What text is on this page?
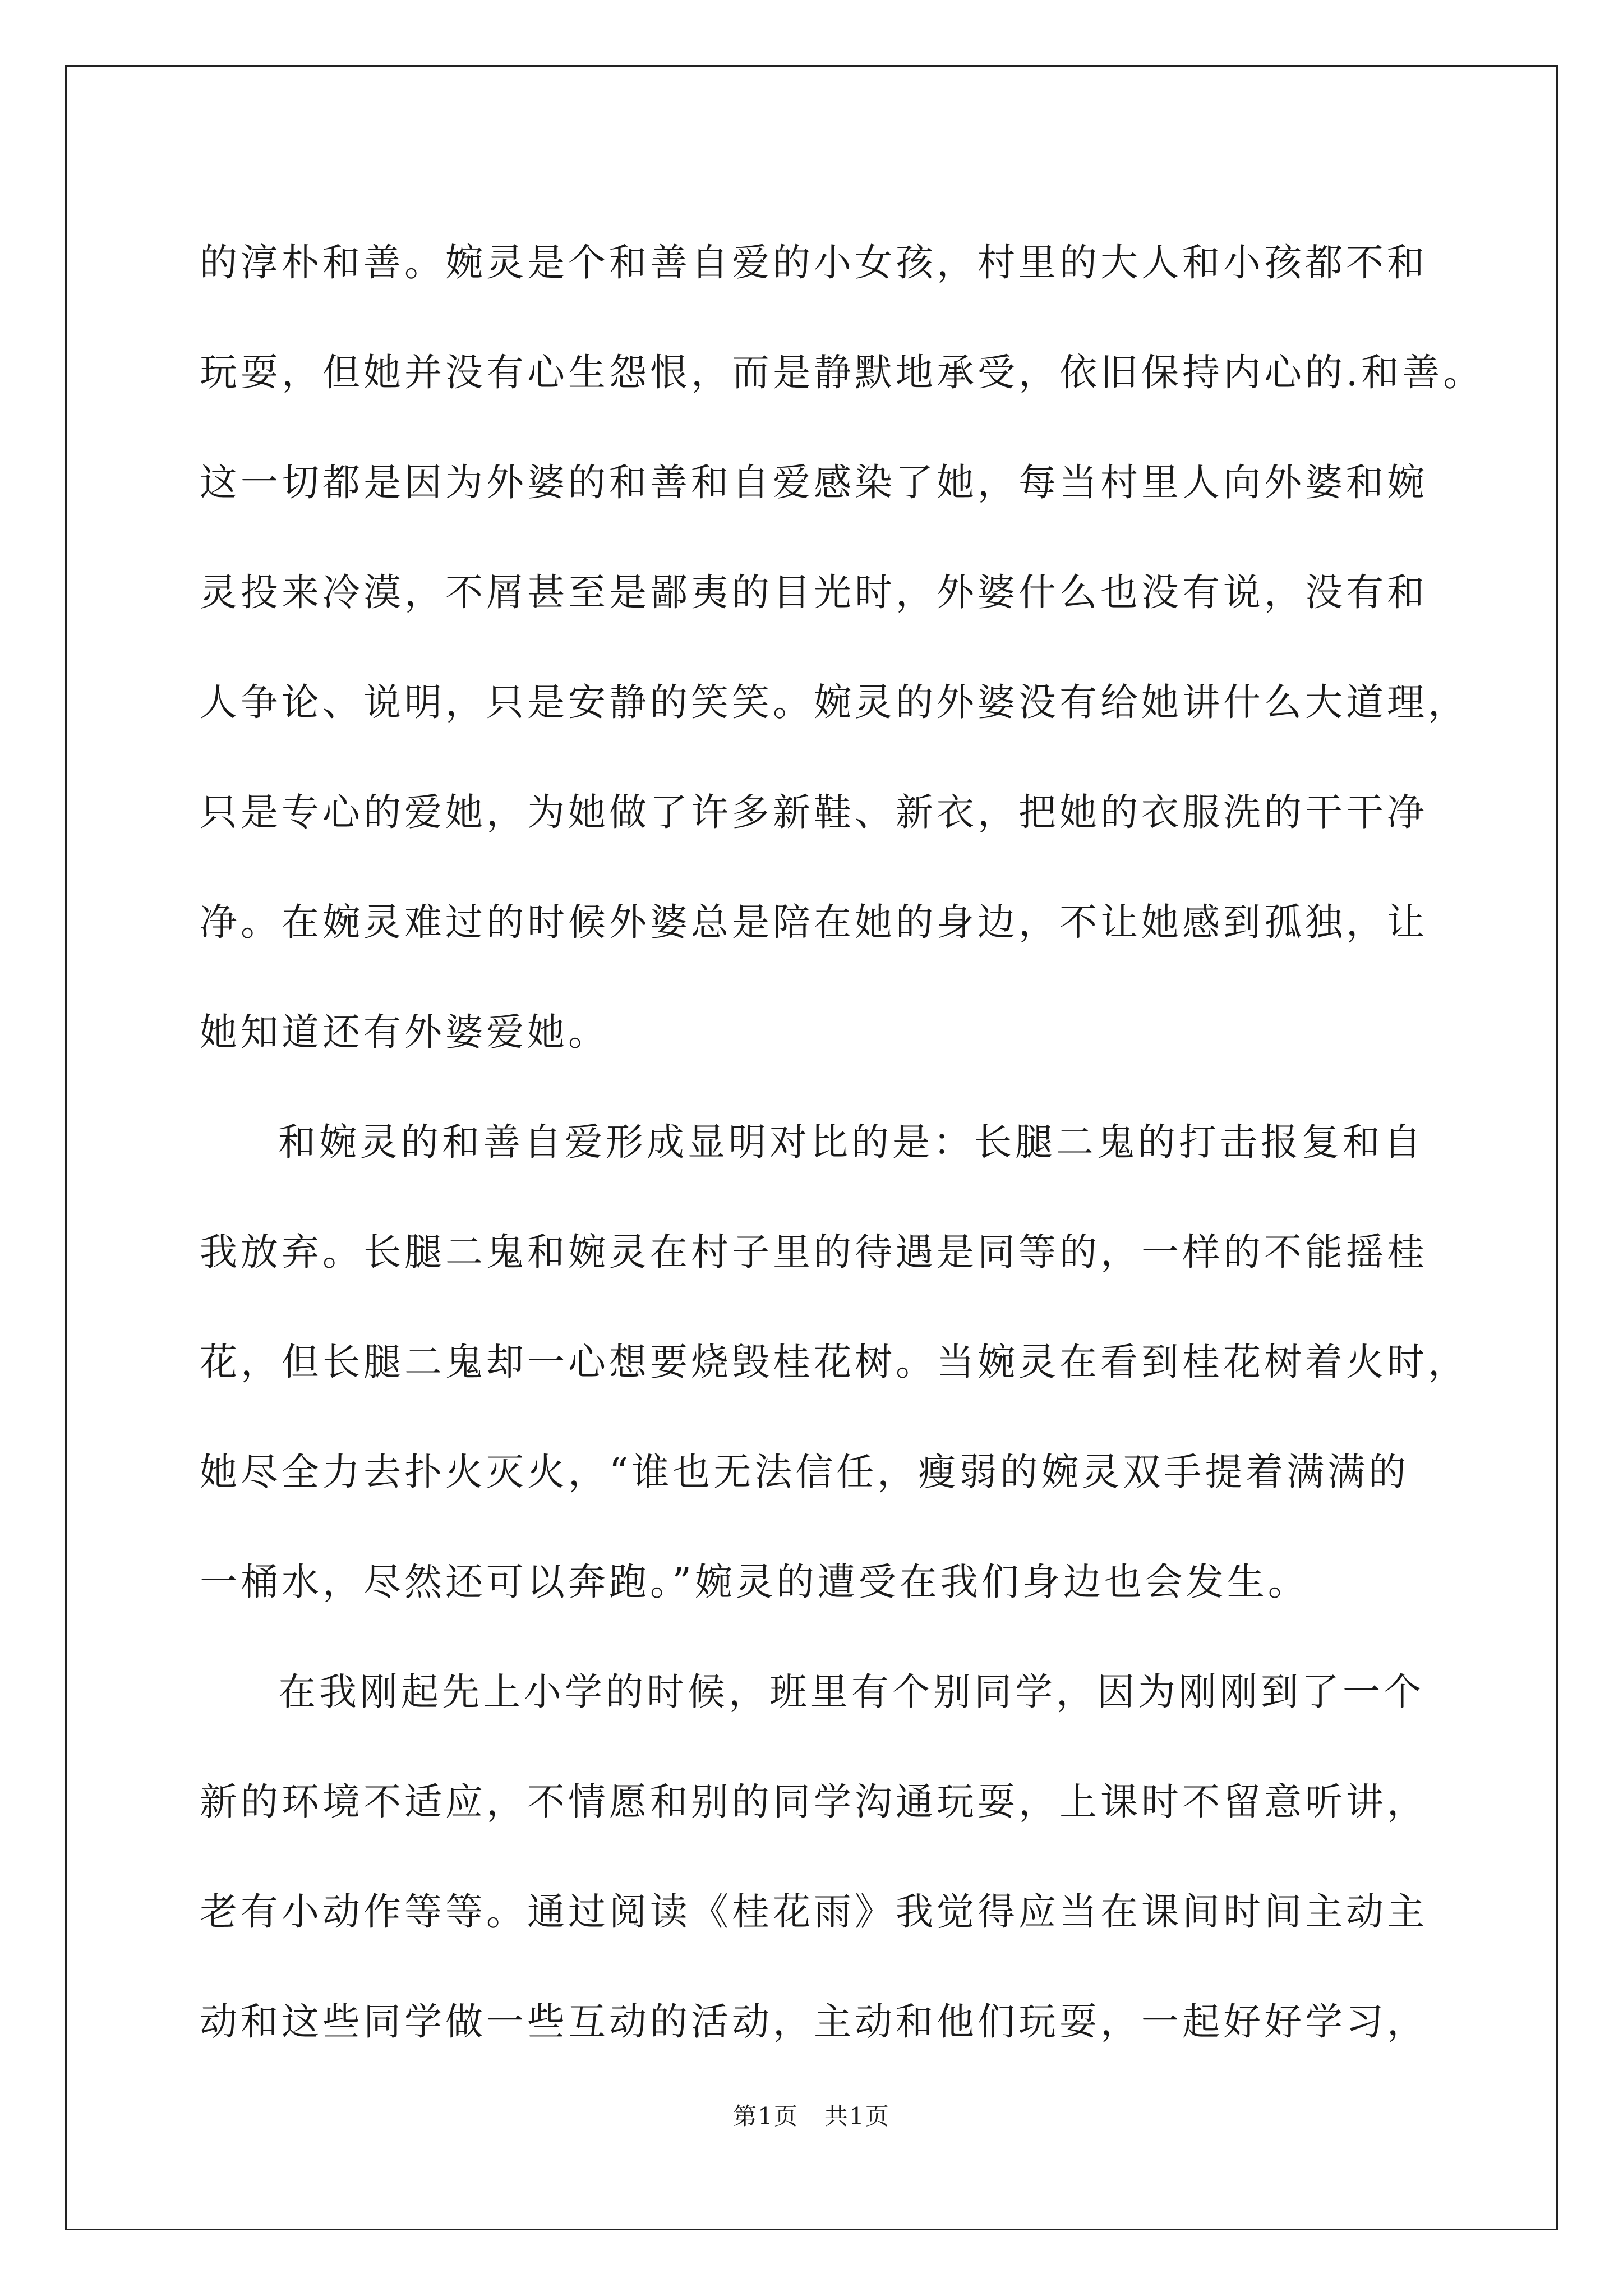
的淳朴和善。婉灵是个和善自爱的小女孩，村里的大人和小孩都不和
玩耍，但她并没有心生怨恨，而是静默地承受，依旧保持内心的.和善。
这一切都是因为外婆的和善和自爱感染了她，每当村里人向外婆和婉
灵投来冷漠，不屑甚至是鄙夷的目光时，外婆什么也没有说，没有和
人争论、说明，只是安静的笑笑。婉灵的外婆没有给她讲什么大道理，
只是专心的爱她，为她做了许多新鞋、新衣，把她的衣服洗的干干净
净。在婉灵难过的时候外婆总是陪在她的身边，不让她感到孤独，让
她知道还有外婆爱她。
和婉灵的和善自爱形成显明对比的是：长腿二鬼的打击报复和自
我放弃。长腿二鬼和婉灵在村子里的待遇是同等的，一样的不能摇桂
花，但长腿二鬼却一心想要烧毁桂花树。当婉灵在看到桂花树着火时，
她尽全力去扑火灭火，“谁也无法信任，瘦弱的婉灵双手提着满满的
一桶水，尽然还可以奔跑。”婉灵的遭受在我们身边也会发生。
在我刚起先上小学的时候，班里有个别同学，因为刚刚到了一个
新的环境不适应，不情愿和别的同学沟通玩耍，上课时不留意听讲，
老有小动作等等。通过阅读《桂花雨》我觉得应当在课间时间主动主
动和这些同学做一些互动的活动，主动和他们玩耍，一起好好学习，
第1页   共1页
